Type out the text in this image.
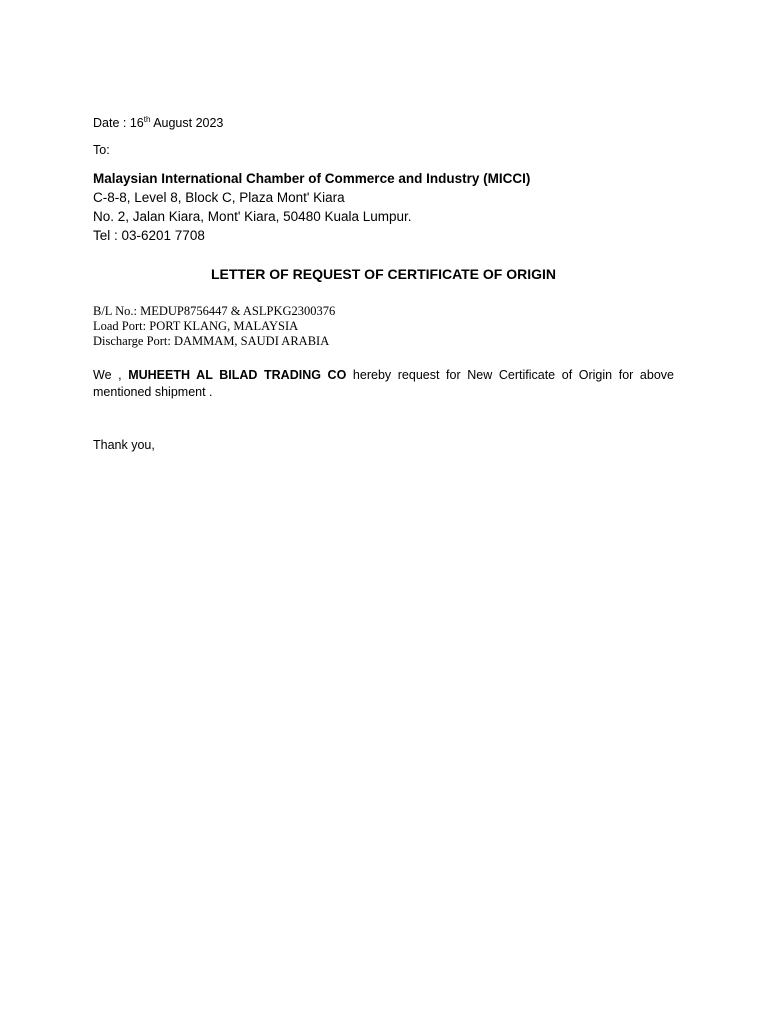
Date : 16th August 2023
To:
Malaysian International Chamber of Commerce and Industry (MICCI)
C-8-8, Level 8, Block C, Plaza Mont' Kiara
No. 2, Jalan Kiara, Mont' Kiara, 50480 Kuala Lumpur.
Tel : 03-6201 7708
LETTER OF REQUEST OF CERTIFICATE OF ORIGIN
B/L No.: MEDUP8756447 & ASLPKG2300376
Load Port: PORT KLANG, MALAYSIA
Discharge Port: DAMMAM, SAUDI ARABIA
We , MUHEETH AL BILAD TRADING CO hereby request for New Certificate of Origin for above mentioned shipment .
Thank you,
